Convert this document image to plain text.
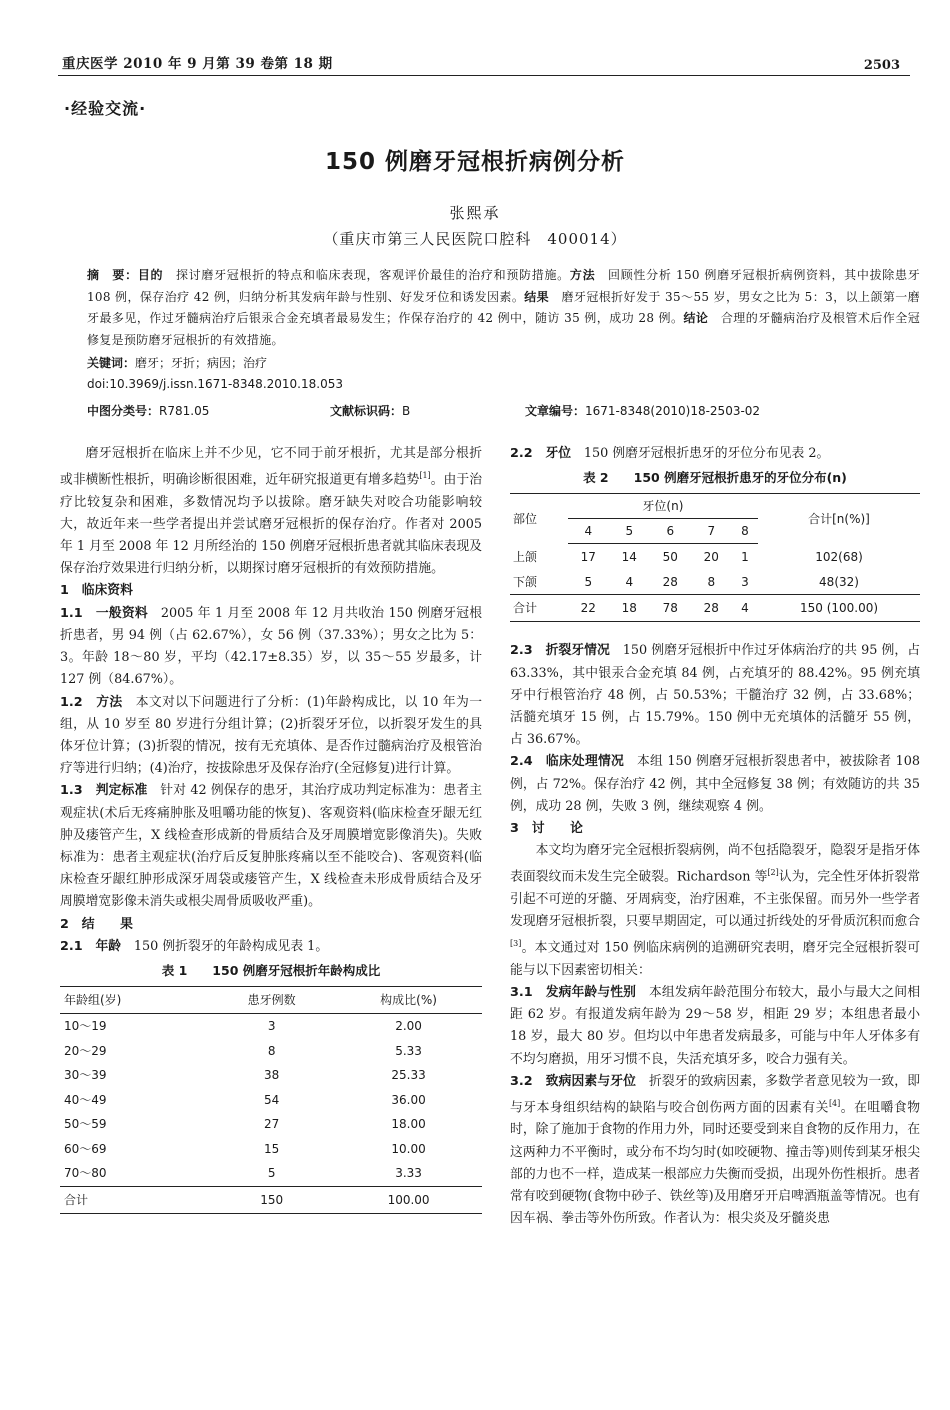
重庆医学 2010 年 9 月第 39 卷第 18 期	2503
·经验交流·
150 例磨牙冠根折病例分析
张熙承
（重庆市第三人民医院口腔科　400014）
摘　要：目的　探讨磨牙冠根折的特点和临床表现，客观评价最佳的治疗和预防措施。方法　回顾性分析 150 例磨牙冠根折病例资料，其中拔除患牙 108 例，保存治疗 42 例，归纳分析其发病年龄与性别、好发牙位和诱发因素。结果　磨牙冠根折好发于 35～55 岁，男女之比为 5：3，以上颌第一磨牙最多见，作过牙髓病治疗后银汞合金充填者最易发生；作保存治疗的 42 例中，随访 35 例，成功 28 例。结论　合理的牙髓病治疗及根管术后作全冠修复是预防磨牙冠根折的有效措施。
关键词：磨牙；牙折；病因；治疗
doi:10.3969/j.issn.1671-8348.2010.18.053
中图分类号：R781.05	文献标识码：B	文章编号：1671-8348(2010)18-2503-02

磨牙冠根折在临床上并不少见，它不同于前牙根折，尤其是部分根折或非横断性根折，明确诊断很困难，近年研究报道更有增多趋势[1]。由于治疗比较复杂和困难，多数情况均予以拔除。磨牙缺失对咬合功能影响较大，故近年来一些学者提出并尝试磨牙冠根折的保存治疗。作者对 2005 年 1 月至 2008 年 12 月所经治的 150 例磨牙冠根折患者就其临床表现及保存治疗效果进行归纳分析，以期探讨磨牙冠根折的有效预防措施。

1　临床资料

1.1　一般资料　2005 年 1 月至 2008 年 12 月共收治 150 例磨牙冠根折患者，男 94 例（占 62.67%），女 56 例（37.33%）；男女之比为 5：3。年龄 18～80 岁，平均（42.17±8.35）岁，以 35～55 岁最多，计 127 例（84.67%）。

1.2　方法　本文对以下问题进行了分析：(1)年龄构成比，以 10 年为一组，从 10 岁至 80 岁进行分组计算；(2)折裂牙牙位，以折裂牙发生的具体牙位计算；(3)折裂的情况，按有无充填体、是否作过髓病治疗及根管治疗等进行归纳；(4)治疗，按拔除患牙及保存治疗(全冠修复)进行计算。

1.3　判定标准　针对 42 例保存的患牙，其治疗成功判定标准为：患者主观症状(术后无疼痛肿胀及咀嚼功能的恢复)、客观资料(临床检查牙龈无红肿及瘘管产生，X 线检查形成新的骨质结合及牙周膜增宽影像消失)。失败标准为：患者主观症状(治疗后反复肿胀疼痛以至不能咬合)、客观资料(临床检查牙龈红肿形成深牙周袋或瘘管产生，X 线检查未形成骨质结合及牙周膜增宽影像未消失或根尖周骨质吸收严重)。

2　结　　果

2.1　年龄　150 例折裂牙的年龄构成见表 1。

表 1　　150 例磨牙冠根折年龄构成比
年龄组(岁)	患牙例数	构成比(%)
10～19	3	2.00
20～29	8	5.33
30～39	38	25.33
40～49	54	36.00
50～59	27	18.00
60～69	15	10.00
70～80	5	3.33
合计	150	100.00

2.2　牙位　150 例磨牙冠根折患牙的牙位分布见表 2。

表 2　　150 例磨牙冠根折患牙的牙位分布(n)
部位	牙位(n)					合计[n(%)]
	4	5	6	7	8	
上颌	17	14	50	20	1	102(68)
下颌	5	4	28	8	3	48(32)
合计	22	18	78	28	4	150 (100.00)

2.3　折裂牙情况　150 例磨牙冠根折中作过牙体病治疗的共 95 例，占 63.33%，其中银汞合金充填 84 例，占充填牙的 88.42%。95 例充填牙中行根管治疗 48 例，占 50.53%；干髓治疗 32 例，占 33.68%；活髓充填牙 15 例，占 15.79%。150 例中无充填体的活髓牙 55 例，占 36.67%。

2.4　临床处理情况　本组 150 例磨牙冠根折裂患者中，被拔除者 108 例，占 72%。保存治疗 42 例，其中全冠修复 38 例；有效随访的共 35 例，成功 28 例，失败 3 例，继续观察 4 例。

3　讨　　论

本文均为磨牙完全冠根折裂病例，尚不包括隐裂牙，隐裂牙是指牙体表面裂纹而未发生完全破裂。Richardson 等[2]认为，完全性牙体折裂常引起不可逆的牙髓、牙周病变，治疗困难，不主张保留。而另外一些学者发现磨牙冠根折裂，只要早期固定，可以通过折线处的牙骨质沉积而愈合[3]。本文通过对 150 例临床病例的追溯研究表明，磨牙完全冠根折裂可能与以下因素密切相关：

3.1　发病年龄与性别　本组发病年龄范围分布较大，最小与最大之间相距 62 岁。有报道发病年龄为 29～58 岁，相距 29 岁；本组患者最小 18 岁，最大 80 岁。但均以中年患者发病最多，可能与中年人牙体多有不均匀磨损，用牙习惯不良，失活充填牙多，咬合力强有关。

3.2　致病因素与牙位　折裂牙的致病因素，多数学者意见较为一致，即与牙本身组织结构的缺陷与咬合创伤两方面的因素有关[4]。在咀嚼食物时，除了施加于食物的作用力外，同时还要受到来自食物的反作用力，在这两种力不平衡时，或分布不均匀时(如咬硬物、撞击等)则传到某牙根尖部的力也不一样，造成某一根部应力失衡而受损，出现外伤性根折。患者常有咬到硬物(食物中砂子、铁丝等)及用磨牙开启啤酒瓶盖等情况。也有因车祸、拳击等外伤所致。作者认为：根尖炎及牙髓炎患
